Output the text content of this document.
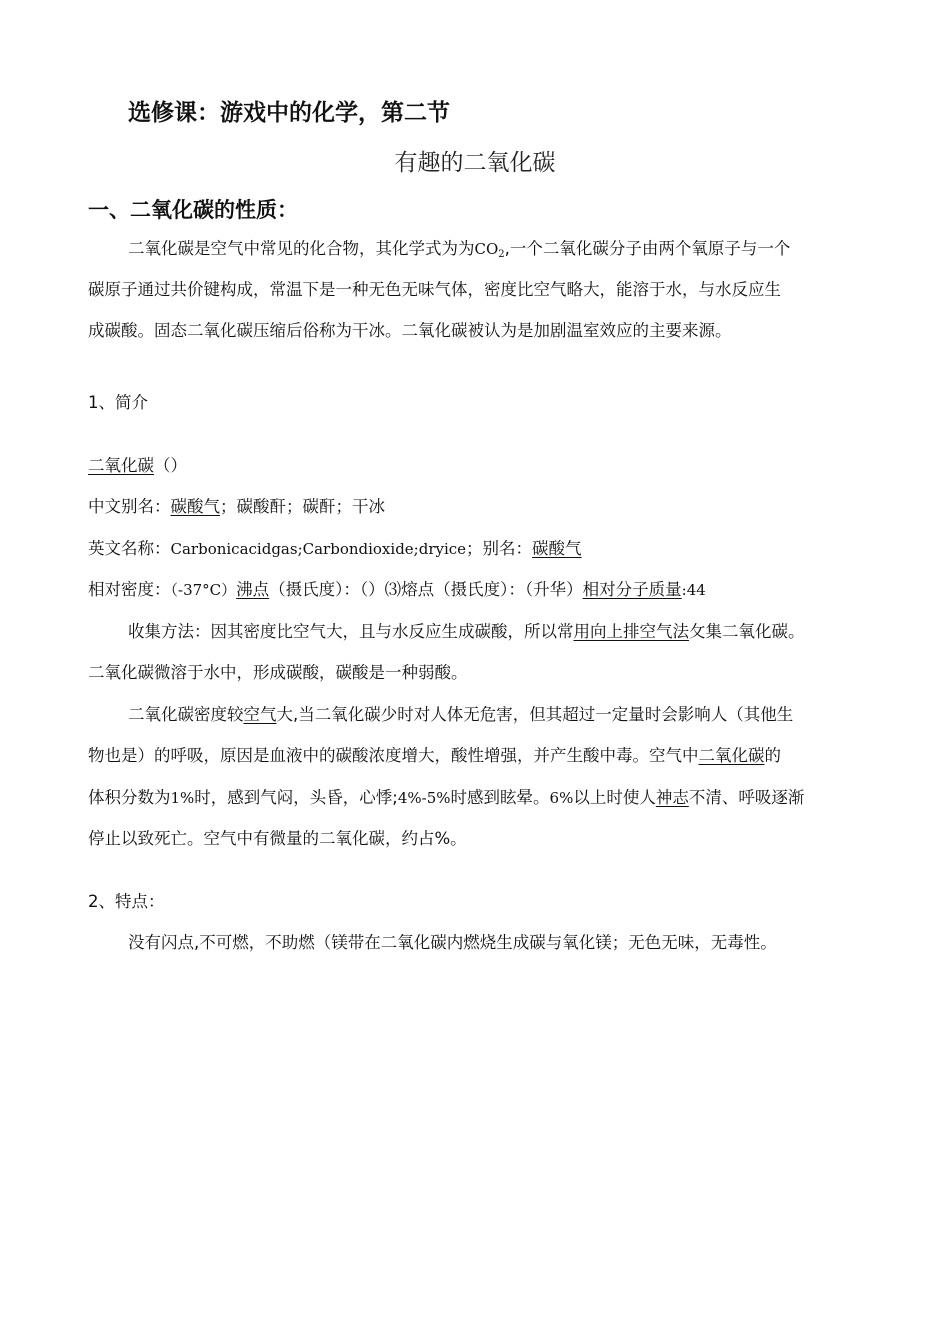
选修课：游戏中的化学，第二节
有趣的二氧化碳
一、二氧化碳的性质：
二氧化碳是空气中常见的化合物，其化学式为为$CO_2$,一个二氧化碳分子由两个氧原子与一个
碳原子通过共价键构成，常温下是一种无色无味气体，密度比空气略大，能溶于水，与水反应生
成碳酸。固态二氧化碳压缩后俗称为干冰。二氧化碳被认为是加剧温室效应的主要来源。
1、简介
二氧化碳（）
中文别名：碳酸气；碳酸酐；碳酐；干冰
英文名称：Carbonicacidgas;Carbondioxide;dryice；别名：碳酸气
相对密度：（-37°C）沸点（摄氏度）：（）⑶熔点（摄氏度）：（升华）相对分子质量:44
收集方法：因其密度比空气大，且与水反应生成碳酸，所以常用向上排空气法攵集二氧化碳。
二氧化碳微溶于水中，形成碳酸，碳酸是一种弱酸。
二氧化碳密度较空气大,当二氧化碳少时对人体无危害，但其超过一定量时会影响人（其他生
物也是）的呼吸，原因是血液中的碳酸浓度增大，酸性增强，并产生酸中毒。空气中二氧化碳的
体积分数为1%时，感到气闷，头昏，心悸;4%-5%时感到眩晕。6%以上时使人神志不清、呼吸逐渐
停止以致死亡。空气中有微量的二氧化碳，约占%。
2、特点：
没有闪点,不可燃，不助燃（镁带在二氧化碳内燃烧生成碳与氧化镁；无色无味，无毒性。
